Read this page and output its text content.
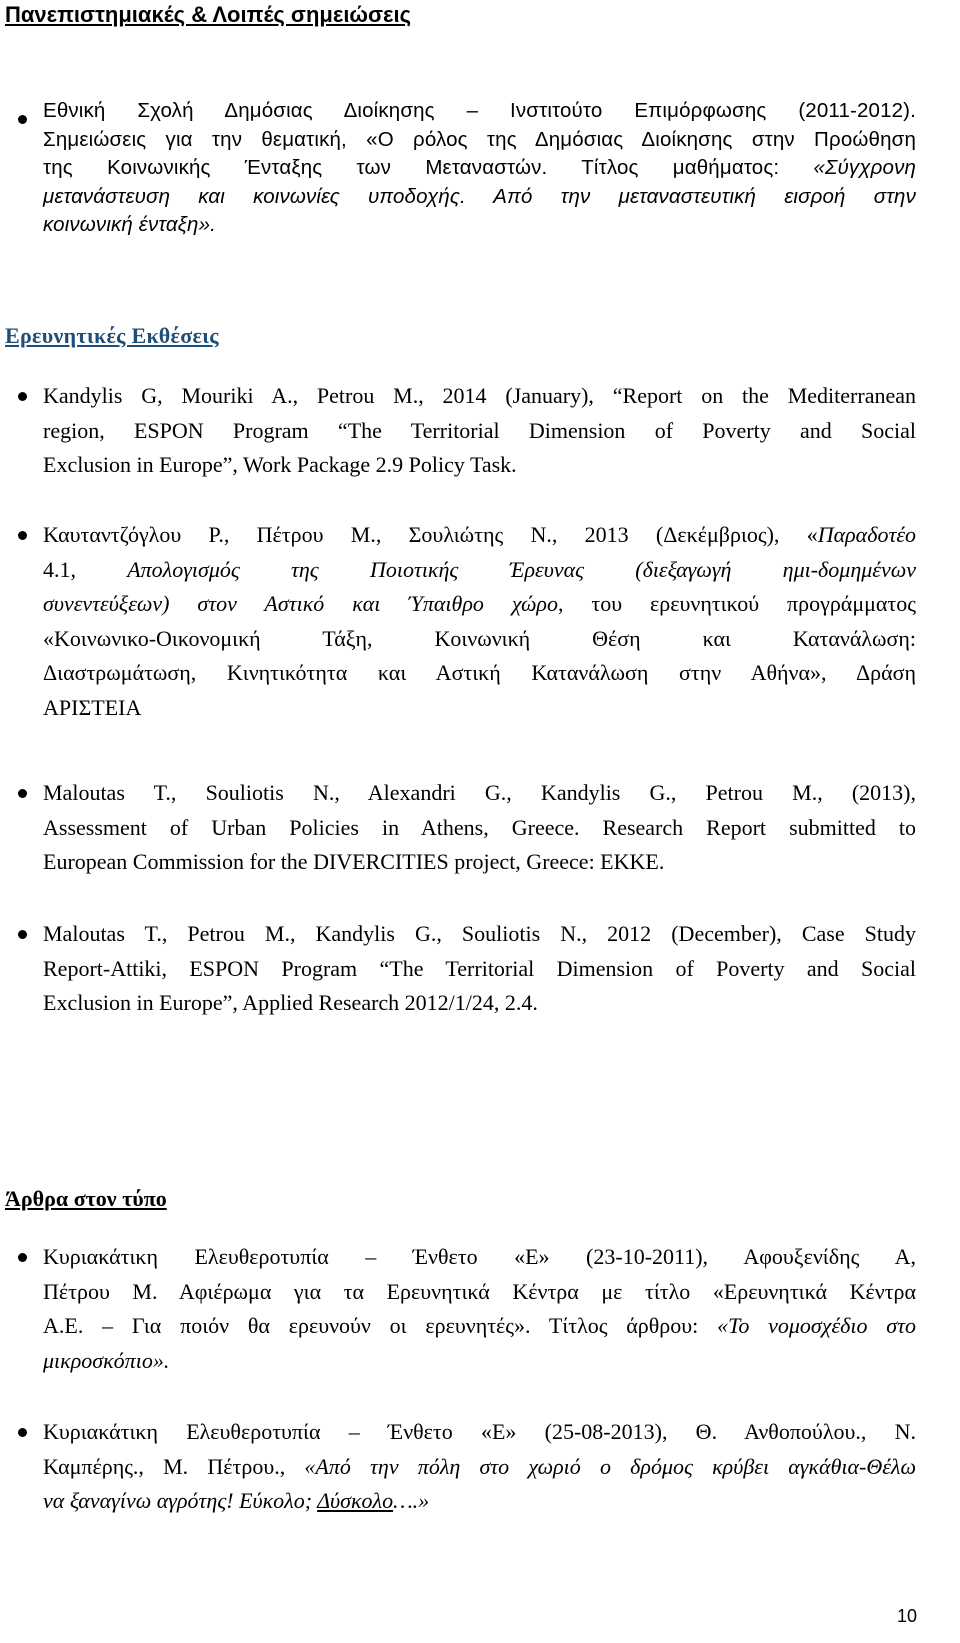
Πανεπιστημιακές & Λοιπές σημειώσεις
Εθνική Σχολή Δημόσιας Διοίκησης – Ινστιτούτο Επιμόρφωσης (2011-2012).
Σημειώσεις για την θεματική, «Ο ρόλος της Δημόσιας Διοίκησης στην Προώθηση
της Κοινωνικής Ένταξης των Μεταναστών. Τίτλος μαθήματος: «Σύγχρονη
μετανάστευση και κοινωνίες υποδοχής. Από την μεταναστευτική εισροή στην
κοινωνική ένταξη».
Ερευνητικές Εκθέσεις
Kandylis G, Mouriki A., Petrou M., 2014 (January), “Report on the Mediterranean
region, ESPON Program “The Territorial Dimension of Poverty and Social
Exclusion in Europe”, Work Package 2.9 Policy Task.
Καυταντζόγλου Ρ., Πέτρου Μ., Σουλιώτης Ν., 2013 (Δεκέμβριος), «Παραδοτέο
4.1, Απολογισμός της Ποιοτικής Έρευνας (διεξαγωγή ημι-δομημένων
συνεντεύξεων) στον Αστικό και Ύπαιθρο χώρο, του ερευνητικού προγράμματος
«Κοινωνικο-Οικονομική Τάξη, Κοινωνική Θέση και Κατανάλωση:
Διαστρωμάτωση, Κινητικότητα και Αστική Κατανάλωση στην Αθήνα», Δράση
ΑΡΙΣΤΕΙΑ
Maloutas T., Souliotis N., Alexandri G., Kandylis G., Petrou M., (2013),
Assessment of Urban Policies in Athens, Greece. Research Report submitted to
European Commission for the DIVERCITIES project, Greece: EKKE.
Maloutas T., Petrou M., Kandylis G., Souliotis N., 2012 (December), Case Study
Report-Attiki, ESPON Program “The Territorial Dimension of Poverty and Social
Exclusion in Europe”, Applied Research 2012/1/24, 2.4.
Άρθρα στον τύπο
Κυριακάτικη Ελευθεροτυπία – Ένθετο «Ε» (23-10-2011), Αφουξενίδης Α,
Πέτρου Μ. Αφιέρωμα για τα Ερευνητικά Κέντρα με τίτλο «Ερευνητικά Κέντρα
Α.Ε. – Για ποιόν θα ερευνούν οι ερευνητές». Τίτλος άρθρου: «Το νομοσχέδιο στο
μικροσκόπιο».
Κυριακάτικη Ελευθεροτυπία – Ένθετο «Ε» (25-08-2013), Θ. Ανθοπούλου., Ν.
Καμπέρης., Μ. Πέτρου., «Από την πόλη στο χωριό ο δρόμος κρύβει αγκάθια-Θέλω
να ξαναγίνω αγρότης! Εύκολο; Δύσκολο….»
10
